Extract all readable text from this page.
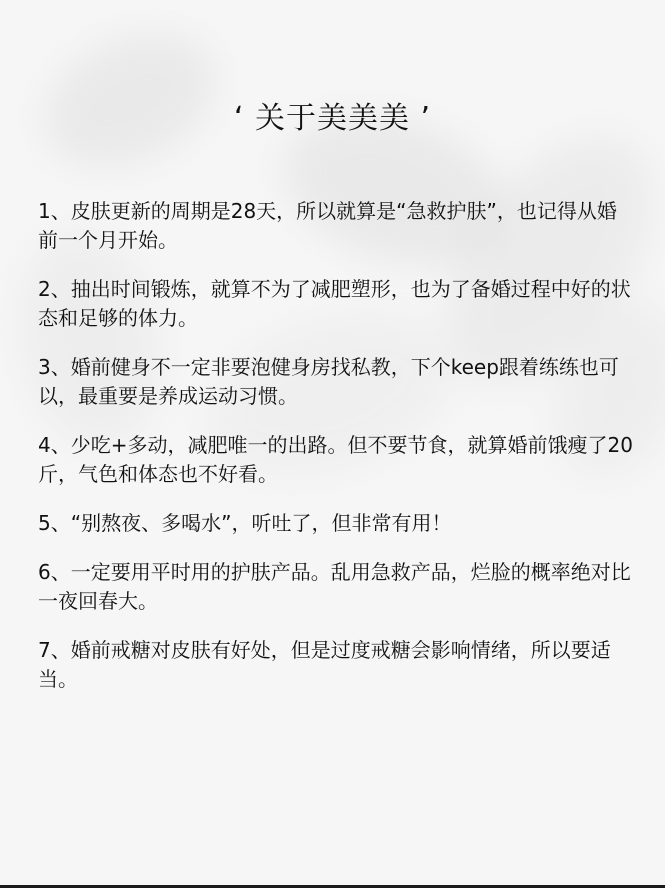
‘ 关于美美美 ’
1、皮肤更新的周期是28天，所以就算是“急救护肤”，也记得从婚前一个月开始。
2、抽出时间锻炼，就算不为了减肥塑形，也为了备婚过程中好的状态和足够的体力。
3、婚前健身不一定非要泡健身房找私教，下个keep跟着练练也可以，最重要是养成运动习惯。
4、少吃+多动，减肥唯一的出路。但不要节食，就算婚前饿瘦了20斤，气色和体态也不好看。
5、“别熬夜、多喝水”，听吐了，但非常有用！
6、一定要用平时用的护肤产品。乱用急救产品，烂脸的概率绝对比一夜回春大。
7、婚前戒糖对皮肤有好处，但是过度戒糖会影响情绪，所以要适当。
